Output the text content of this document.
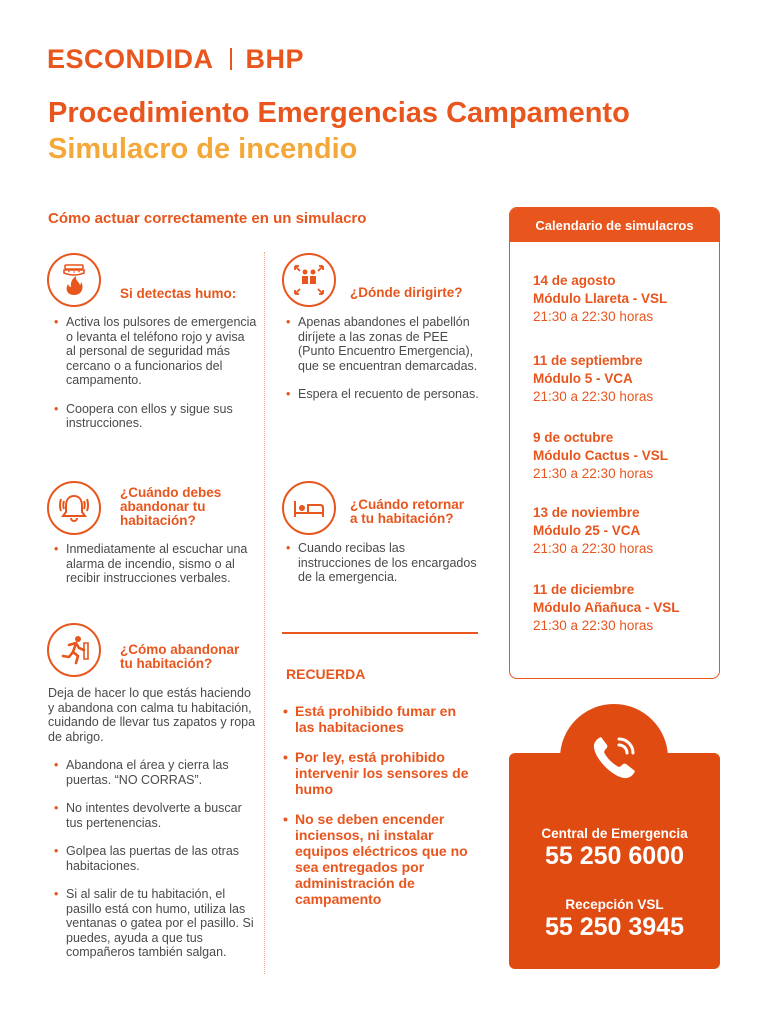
ESCONDIDA BHP
Procedimiento Emergencias Campamento
Simulacro de incendio
Cómo actuar correctamente en un simulacro
Si detectas humo:
• Activa los pulsores de emergencia o levanta el teléfono rojo y avisa al personal de seguridad más cercano o a funcionarios del campamento.
• Coopera con ellos y sigue sus instrucciones.
¿Dónde dirigirte?
• Apenas abandones el pabellón diríjete a las zonas de PEE (Punto Encuentro Emergencia), que se encuentran demarcadas.
• Espera el recuento de personas.
¿Cuándo debes
abandonar tu
habitación?
• Inmediatamente al escuchar una alarma de incendio, sismo o al recibir instrucciones verbales.
¿Cuándo retornar
a tu habitación?
• Cuando recibas las instrucciones de los encargados de la emergencia.
¿Cómo abandonar
tu habitación?
Deja de hacer lo que estás haciendo y abandona con calma tu habitación, cuidando de llevar tus zapatos y ropa de abrigo.
• Abandona el área y cierra las puertas. “NO CORRAS”.
• No intentes devolverte a buscar tus pertenencias.
• Golpea las puertas de las otras habitaciones.
• Si al salir de tu habitación, el pasillo está con humo, utiliza las ventanas o gatea por el pasillo. Si puedes, ayuda a que tus compañeros también salgan.
RECUERDA
• Está prohibido fumar en las habitaciones
• Por ley, está prohibido intervenir los sensores de humo
• No se deben encender inciensos, ni instalar equipos eléctricos que no sea entregados por administración de campamento
Calendario de simulacros
14 de agosto
Módulo Llareta - VSL
21:30 a 22:30 horas
11 de septiembre
Módulo 5 - VCA
21:30 a 22:30 horas
9 de octubre
Módulo Cactus - VSL
21:30 a 22:30 horas
13 de noviembre
Módulo 25 - VCA
21:30 a 22:30 horas
11 de diciembre
Módulo Añañuca - VSL
21:30 a 22:30 horas
Central de Emergencia
55 250 6000
Recepción VSL
55 250 3945
